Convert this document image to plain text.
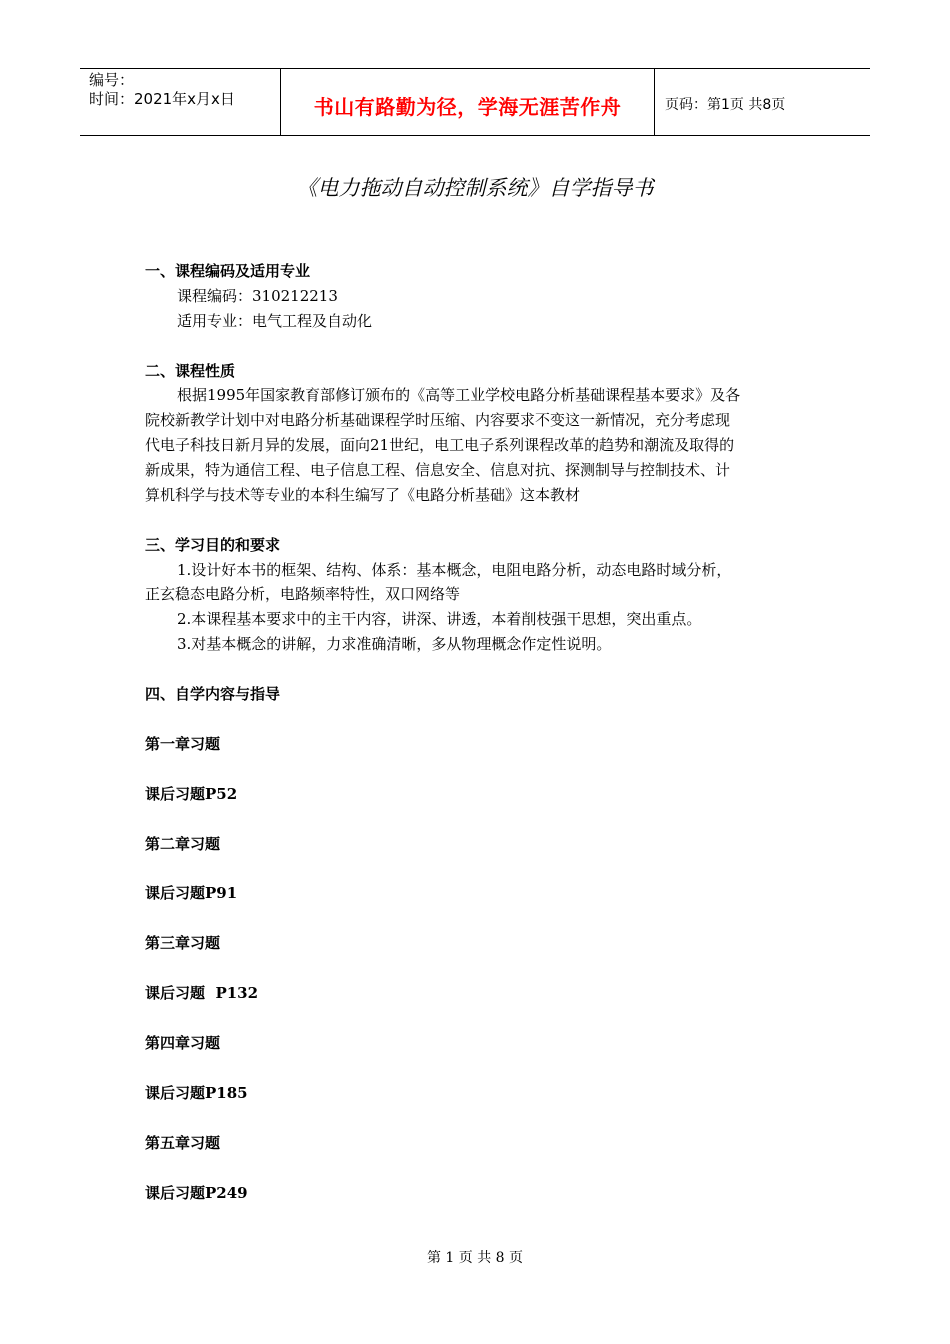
编号：
时间：2021年x月x日	书山有路勤为径，学海无涯苦作舟	页码：第1页 共8页
《电力拖动自动控制系统》自学指导书
一、课程编码及适用专业
课程编码：310212213
适用专业：电气工程及自动化
二、课程性质
根据1995年国家教育部修订颁布的《高等工业学校电路分析基础课程基本要求》及各
院校新教学计划中对电路分析基础课程学时压缩、内容要求不变这一新情况，充分考虑现
代电子科技日新月异的发展，面向21世纪，电工电子系列课程改革的趋势和潮流及取得的
新成果，特为通信工程、电子信息工程、信息安全、信息对抗、探测制导与控制技术、计
算机科学与技术等专业的本科生编写了《电路分析基础》这本教材
三、学习目的和要求
1.设计好本书的框架、结构、体系：基本概念，电阻电路分析，动态电路时域分析，
正玄稳态电路分析，电路频率特性，双口网络等
2.本课程基本要求中的主干内容，讲深、讲透，本着削枝强干思想，突出重点。
3.对基本概念的讲解，力求准确清晰，多从物理概念作定性说明。
四、自学内容与指导
第一章习题
课后习题P52
第二章习题
课后习题P91
第三章习题
课后习题  P132
第四章习题
课后习题P185
第五章习题
课后习题P249
第 1 页 共 8 页
